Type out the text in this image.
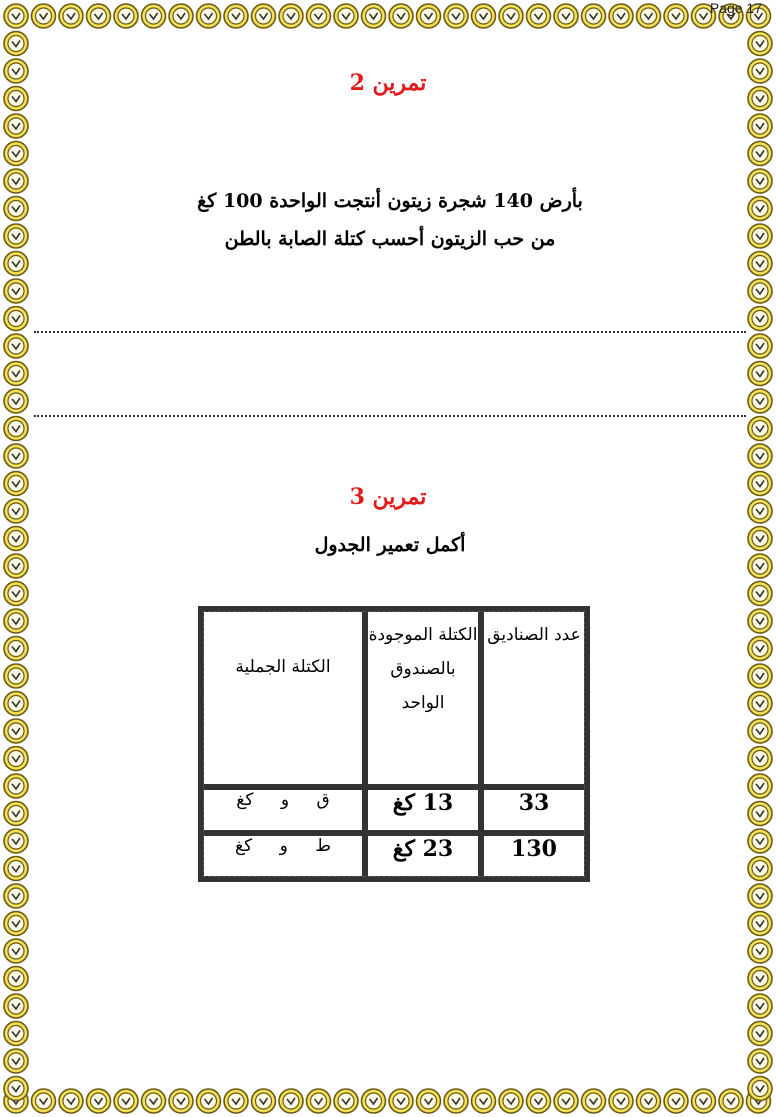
Page 17
تمرين 2
بأرض 140 شجرة زيتون أنتجت الواحدة 100 كغ
من حب الزيتون أحسب كتلة الصابة بالطن
تمرين 3
أكمل تعمير الجدول
عدد الصناديق	الكتلة الموجودة بالصندوق الواحد	الكتلة الجملية

33	13 كغ	ق و كغ
130	23 كغ	ط و كغ
